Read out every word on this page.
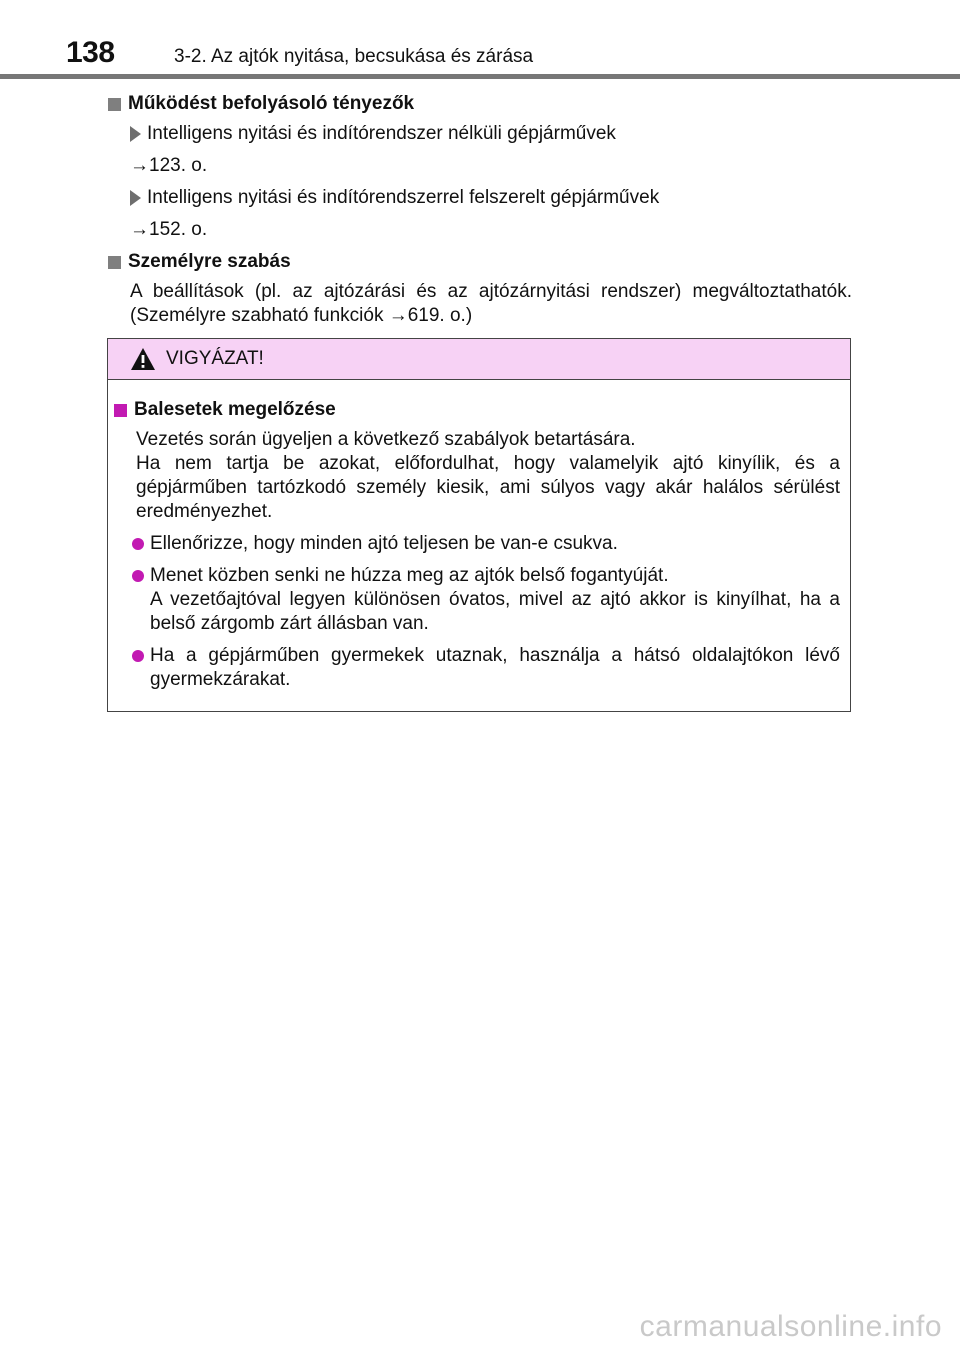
138	3-2. Az ajtók nyitása, becsukása és zárása
Működést befolyásoló tényezők
Intelligens nyitási és indítórendszer nélküli gépjárművek
→123. o.
Intelligens nyitási és indítórendszerrel felszerelt gépjárművek
→152. o.
Személyre szabás
A beállítások (pl. az ajtózárási és az ajtózárnyitási rendszer) megváltoztathatók. (Személyre szabható funkciók →619. o.)
VIGYÁZAT!
Balesetek megelőzése
Vezetés során ügyeljen a következő szabályok betartására.
Ha nem tartja be azokat, előfordulhat, hogy valamelyik ajtó kinyílik, és a gépjárműben tartózkodó személy kiesik, ami súlyos vagy akár halálos sérülést eredményezhet.
Ellenőrizze, hogy minden ajtó teljesen be van-e csukva.
Menet közben senki ne húzza meg az ajtók belső fogantyúját.
A vezetőajtóval legyen különösen óvatos, mivel az ajtó akkor is kinyílhat, ha a belső zárgomb zárt állásban van.
Ha a gépjárműben gyermekek utaznak, használja a hátsó oldalajtókon lévő gyermekzárakat.
carmanualsonline.info
